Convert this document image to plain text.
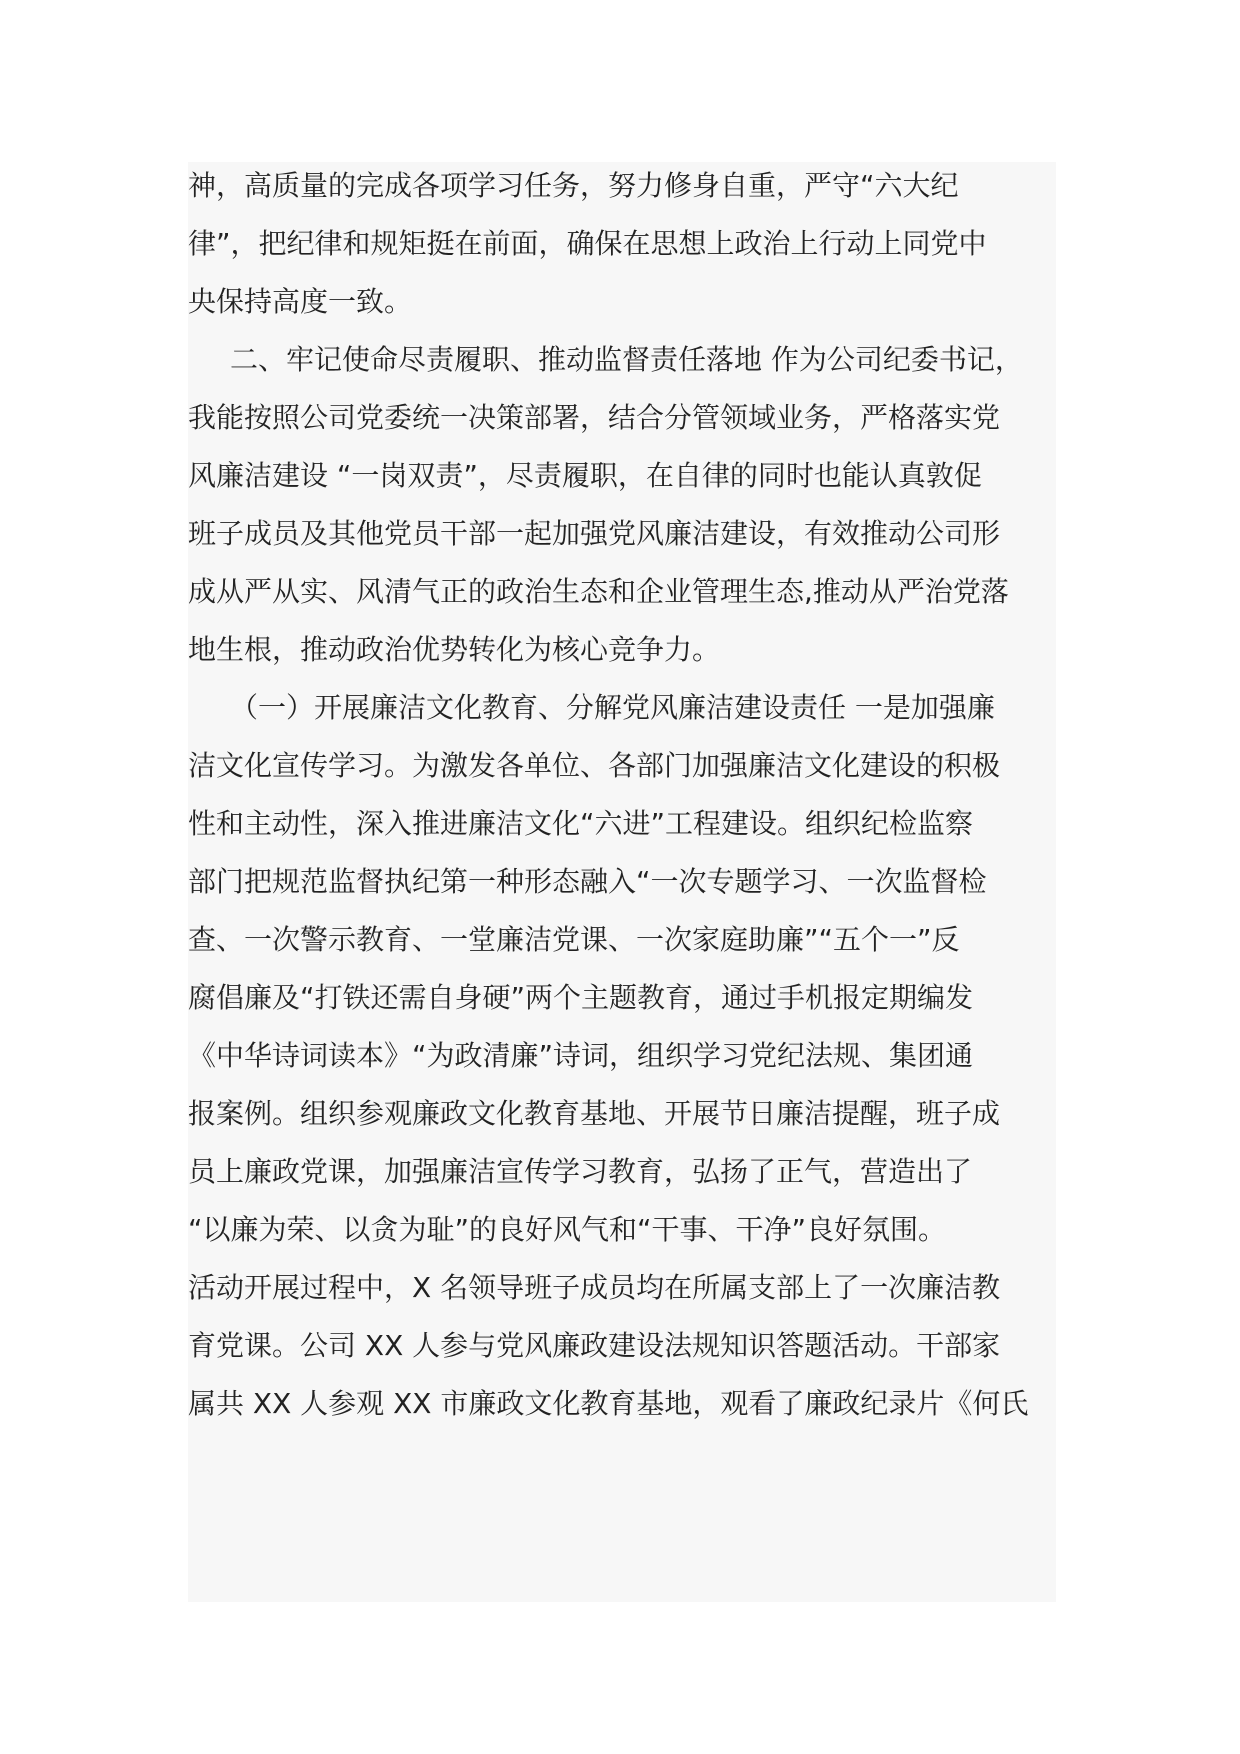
神，高质量的完成各项学习任务，努力修身自重，严守“六大纪
律”，把纪律和规矩挺在前面，确保在思想上政治上行动上同党中
央保持高度一致。
二、牢记使命尽责履职、推动监督责任落地 作为公司纪委书记，
我能按照公司党委统一决策部署，结合分管领域业务，严格落实党
风廉洁建设 “一岗双责”，尽责履职，在自律的同时也能认真敦促
班子成员及其他党员干部一起加强党风廉洁建设，有效推动公司形
成从严从实、风清气正的政治生态和企业管理生态,推动从严治党落
地生根，推动政治优势转化为核心竞争力。
（一）开展廉洁文化教育、分解党风廉洁建设责任 一是加强廉
洁文化宣传学习。为激发各单位、各部门加强廉洁文化建设的积极
性和主动性，深入推进廉洁文化“六进”工程建设。组织纪检监察
部门把规范监督执纪第一种形态融入“一次专题学习、一次监督检
查、一次警示教育、一堂廉洁党课、一次家庭助廉”“五个一”反
腐倡廉及“打铁还需自身硬”两个主题教育，通过手机报定期编发
《中华诗词读本》“为政清廉”诗词，组织学习党纪法规、集团通
报案例。组织参观廉政文化教育基地、开展节日廉洁提醒，班子成
员上廉政党课，加强廉洁宣传学习教育，弘扬了正气，营造出了
“以廉为荣、以贪为耻”的良好风气和“干事、干净”良好氛围。
活动开展过程中，X 名领导班子成员均在所属支部上了一次廉洁教
育党课。公司 XX 人参与党风廉政建设法规知识答题活动。干部家
属共 XX 人参观 XX 市廉政文化教育基地，观看了廉政纪录片《何氏
